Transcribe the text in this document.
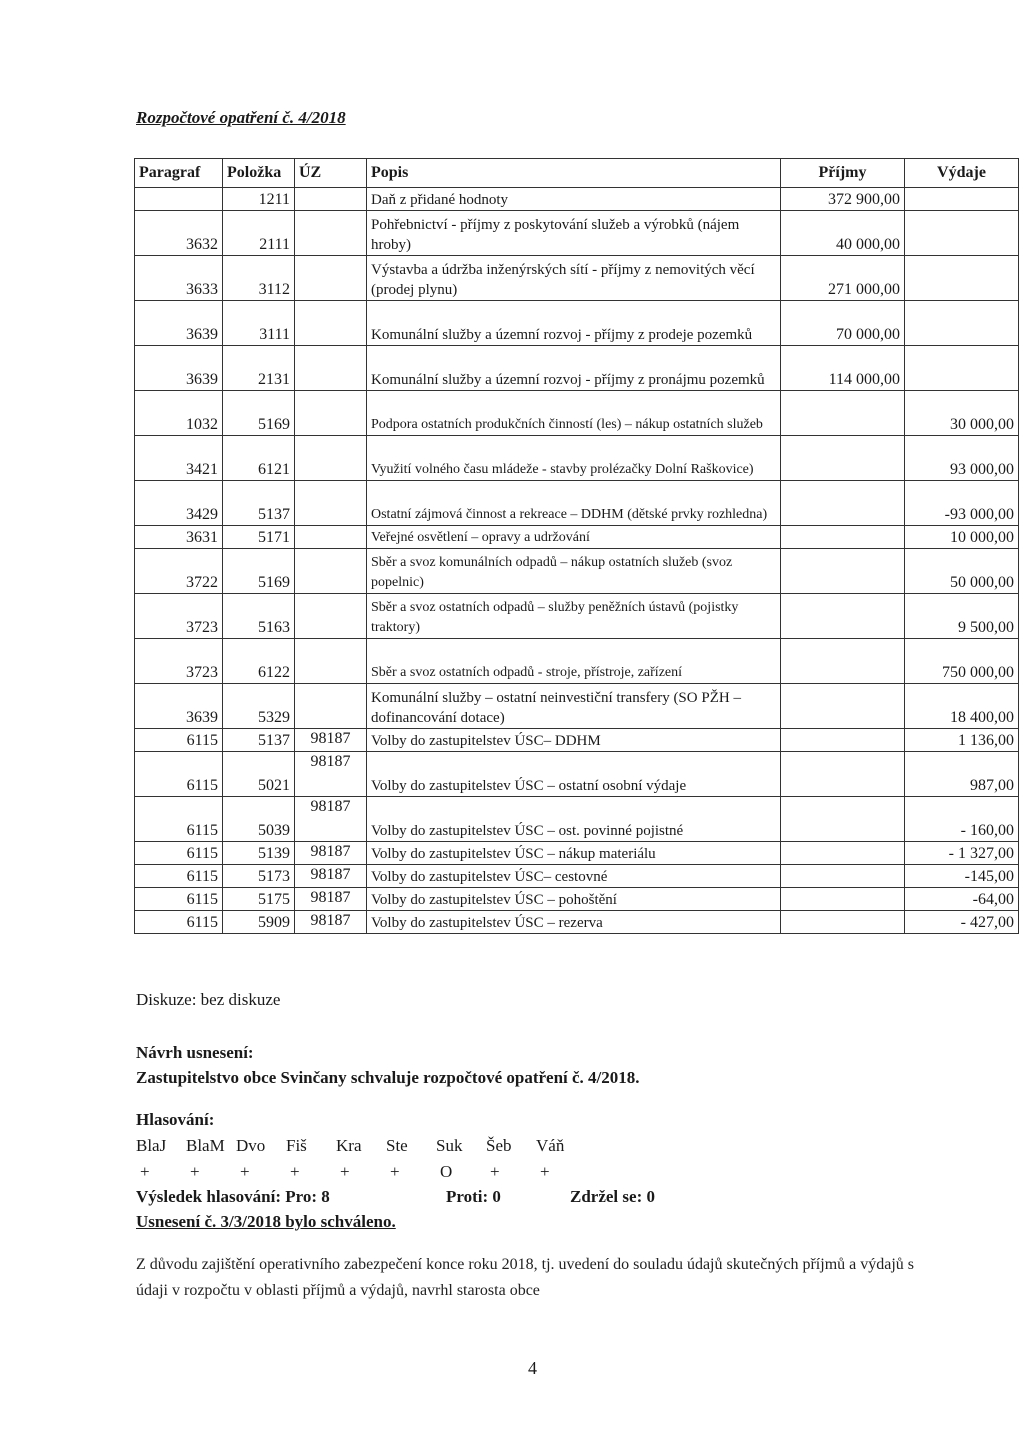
Rozpočtové opatření č. 4/2018
Paragraf	Položka	ÚZ	Popis	Příjmy	Výdaje
	1211		Daň z přidané hodnoty	372 900,00	
3632	2111		Pohřebnictví - příjmy z poskytování služeb a výrobků (nájem hroby)	40 000,00	
3633	3112		Výstavba a údržba inženýrských sítí - příjmy z nemovitých věcí (prodej plynu)	271 000,00	
3639	3111		Komunální služby a územní rozvoj - příjmy z prodeje pozemků	70 000,00	
3639	2131		Komunální služby a územní rozvoj - příjmy z pronájmu pozemků	114 000,00	
1032	5169		Podpora ostatních produkčních činností (les) – nákup ostatních služeb		30 000,00
3421	6121		Využití volného času mládeže - stavby prolézačky Dolní Raškovice)		93 000,00
3429	5137		Ostatní zájmová činnost a rekreace – DDHM (dětské prvky rozhledna)		-93 000,00
3631	5171		Veřejné osvětlení – opravy a udržování		10 000,00
3722	5169		Sběr a svoz komunálních odpadů – nákup ostatních služeb (svoz popelnic)		50 000,00
3723	5163		Sběr a svoz ostatních odpadů – služby peněžních ústavů (pojistky traktory)		9 500,00
3723	6122		Sběr a svoz ostatních odpadů - stroje, přístroje, zařízení		750 000,00
3639	5329		Komunální služby – ostatní neinvestiční transfery (SO PŽH – dofinancování dotace)		18 400,00
6115	5137	98187	Volby do zastupitelstev ÚSC– DDHM		1 136,00
6115	5021	98187	Volby do zastupitelstev ÚSC – ostatní osobní výdaje		987,00
6115	5039	98187	Volby do zastupitelstev ÚSC – ost. povinné pojistné		- 160,00
6115	5139	98187	Volby do zastupitelstev ÚSC – nákup materiálu		- 1 327,00
6115	5173	98187	Volby do zastupitelstev ÚSC– cestovné		-145,00
6115	5175	98187	Volby do zastupitelstev ÚSC – pohoštění		-64,00
6115	5909	98187	Volby do zastupitelstev ÚSC – rezerva		- 427,00
Diskuze: bez diskuze
Návrh usnesení:
Zastupitelstvo obce Svinčany schvaluje rozpočtové opatření č. 4/2018.
Hlasování:
BlaJ BlaM Dvo Fiš Kra Ste Suk Šeb Váň
+ + + + + + O + +
Výsledek hlasování: Pro: 8	Proti: 0	Zdržel se: 0
Usnesení č. 3/3/2018 bylo schváleno.
Z důvodu zajištění operativního zabezpečení konce roku 2018, tj. uvedení do souladu údajů skutečných příjmů a výdajů s údaji v rozpočtu v oblasti příjmů a výdajů, navrhl starosta obce
4
